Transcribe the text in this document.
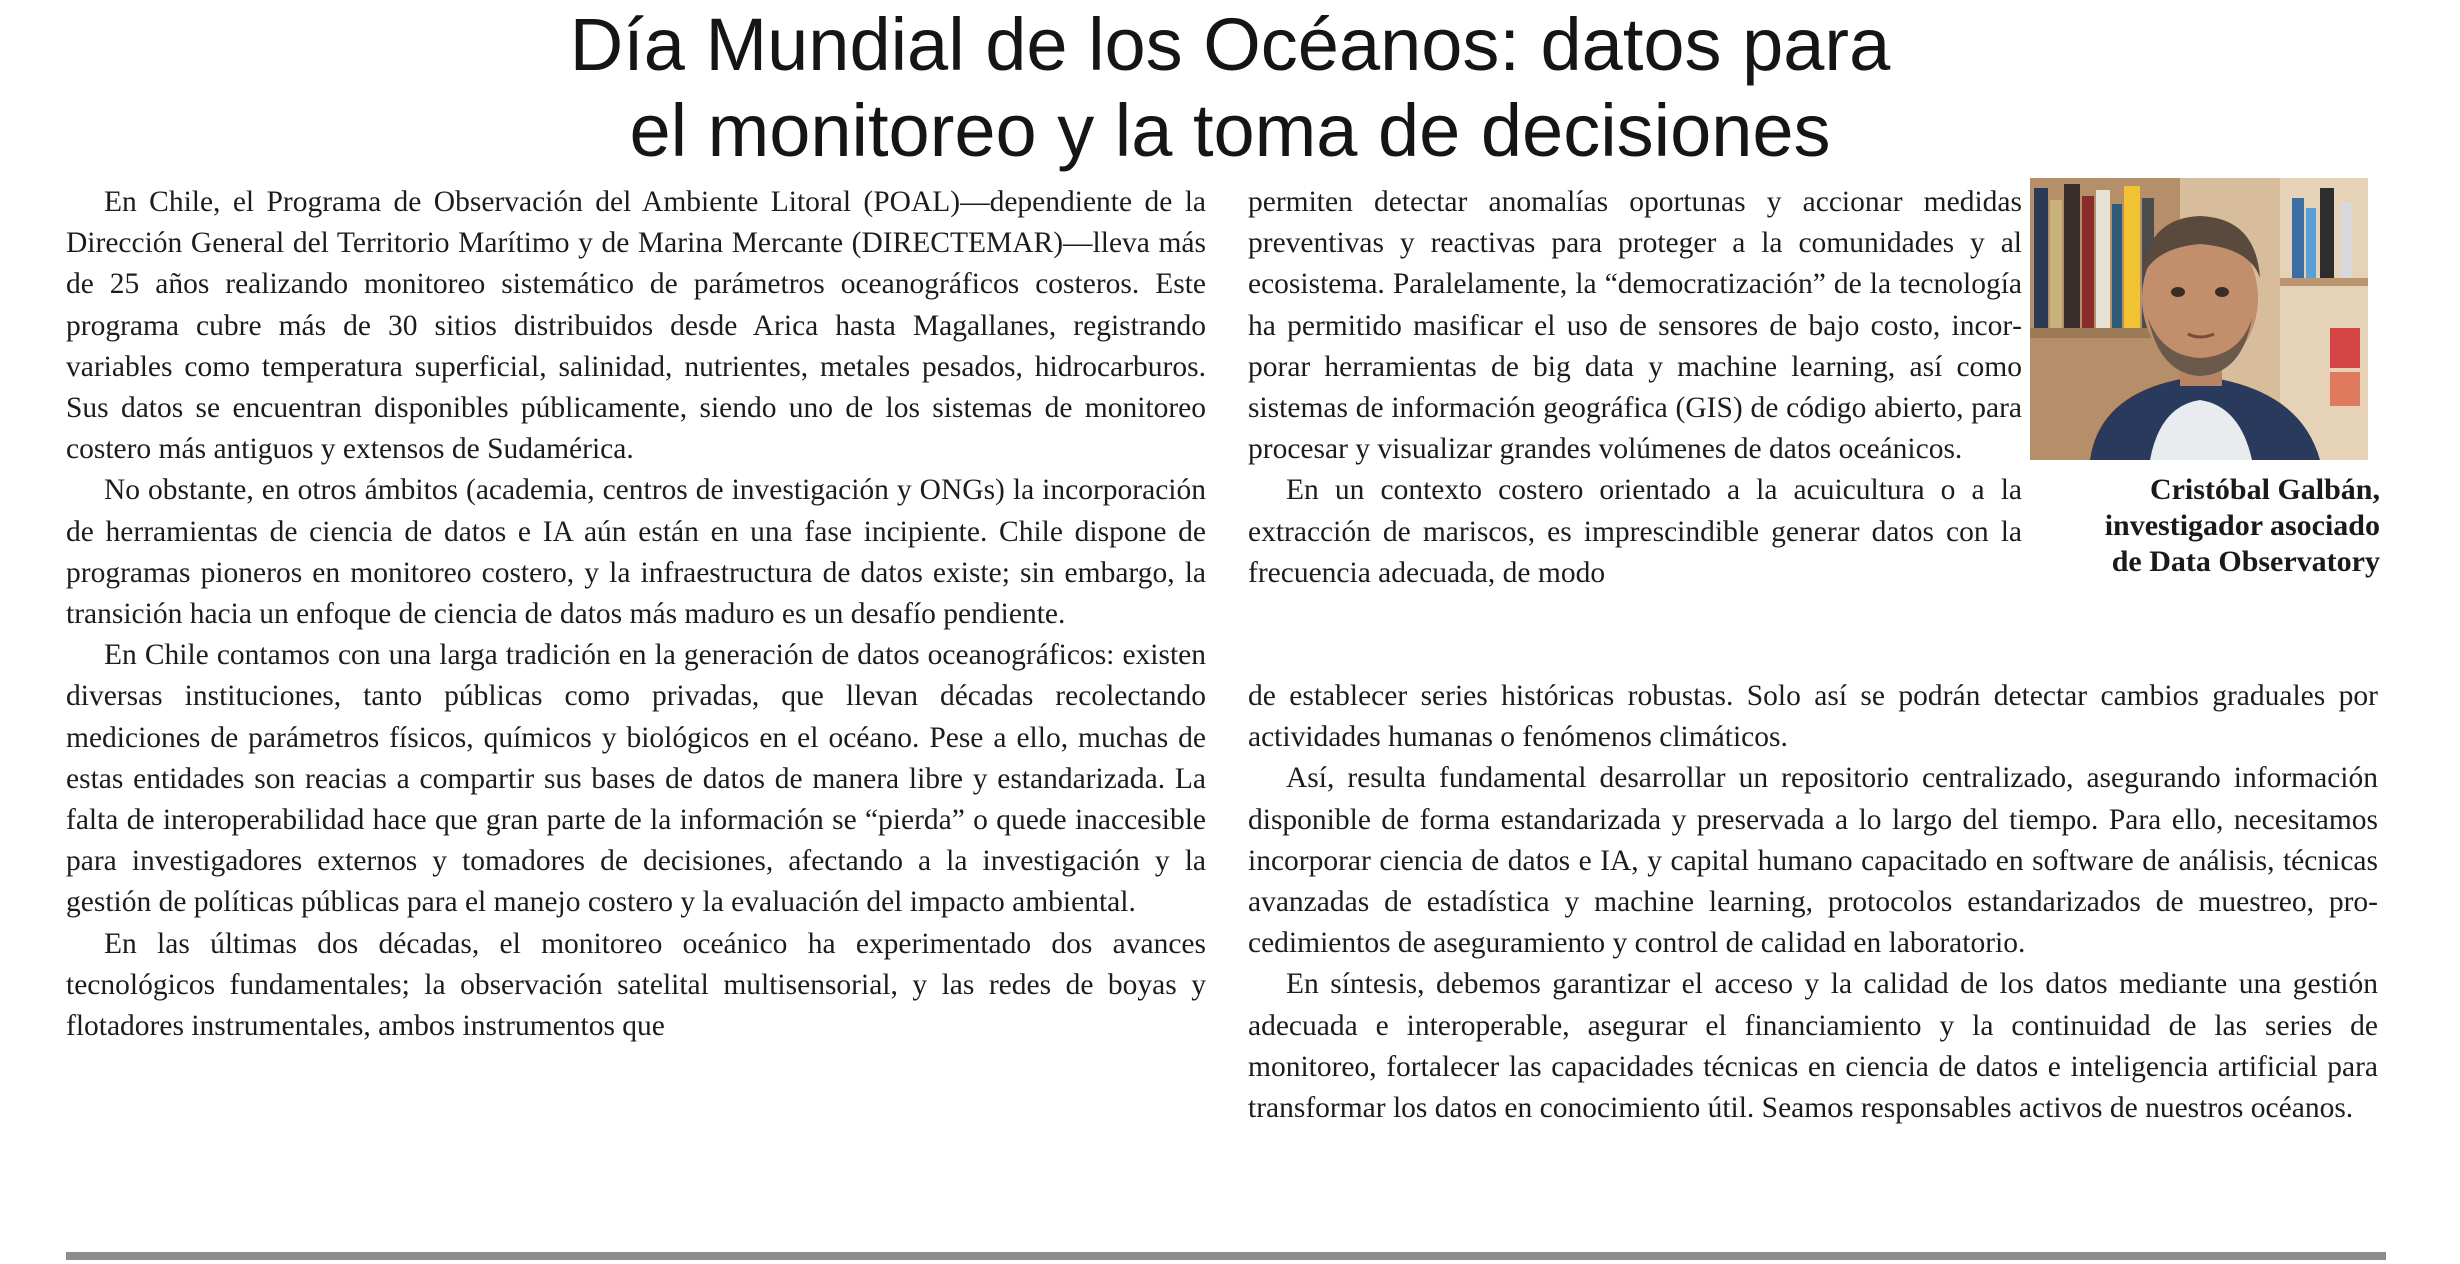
Día Mundial de los Océanos: datos para
el monitoreo y la toma de decisiones

En Chile, el Programa de Observación del Ambiente Litoral (POAL)—dependiente de la Dirección General del Territorio Marítimo y de Marina Mercante (DIRECTEMAR)—lleva más de 25 años realizando monitoreo sistemático de parámetros oceanográficos costeros. Este programa cubre más de 30 sitios distribuidos desde Arica hasta Magallanes, registrando variables como temperatura superficial, salinidad, nutrientes, metales pesados, hidrocarburos. Sus datos se encuentran disponibles públicamente, siendo uno de los sistemas de monitoreo costero más antiguos y extensos de Sudamérica.

No obstante, en otros ámbitos (academia, centros de investigación y ONGs) la incorporación de herramientas de ciencia de datos e IA aún están en una fase incipiente. Chile dispone de programas pioneros en monitoreo costero, y la infraestructura de datos existe; sin embargo, la transición hacia un enfoque de ciencia de datos más maduro es un desafío pendiente.

En Chile contamos con una larga tradición en la generación de datos oceanográficos: existen diversas instituciones, tanto públicas como privadas, que llevan décadas recolectando mediciones de parámetros físicos, químicos y biológicos en el océano. Pese a ello, muchas de estas entidades son reacias a compartir sus bases de datos de manera libre y estandarizada. La falta de interoperabilidad hace que gran parte de la información se “pierda” o quede inaccesible para investigadores externos y tomadores de decisiones, afectando a la investigación y la gestión de políticas públicas para el manejo costero y la evaluación del impacto ambiental.

En las últimas dos décadas, el monitoreo oceánico ha experimentado dos avances tecnológicos fundamentales; la observación satelital multisensorial, y las redes de boyas y flotadores instrumentales, ambos instrumentos que

permiten detectar anomalías oportunas y accionar medidas preventivas y reactivas para proteger a la comunidades y al ecosistema. Paralelamente, la “democratización” de la tecnología ha permitido masificar el uso de sensores de bajo costo, incorporar herramientas de big data y machine learning, así como sistemas de información geográfica (GIS) de código abierto, para procesar y visualizar grandes volúmenes de datos oceánicos.

En un contexto costero orientado a la acuicultura o a la extracción de mariscos, es imprescindible generar datos con la frecuencia adecuada, de modo

Cristóbal Galbán,
investigador asociado
de Data Observatory

de establecer series históricas robustas. Solo así se podrán detectar cambios graduales por actividades humanas o fenómenos climáticos.

Así, resulta fundamental desarrollar un repositorio centralizado, asegurando información disponible de forma estandarizada y preservada a lo largo del tiempo. Para ello, necesitamos incorporar ciencia de datos e IA, y capital humano capacitado en software de análisis, técnicas avanzadas de estadística y machine learning, protocolos estandarizados de muestreo, procedimientos de aseguramiento y control de calidad en laboratorio.

En síntesis, debemos garantizar el acceso y la calidad de los datos mediante una gestión adecuada e interoperable, asegurar el financiamiento y la continuidad de las series de monitoreo, fortalecer las capacidades técnicas en ciencia de datos e inteligencia artificial para transformar los datos en conocimiento útil. Seamos responsables activos de nuestros océanos.
